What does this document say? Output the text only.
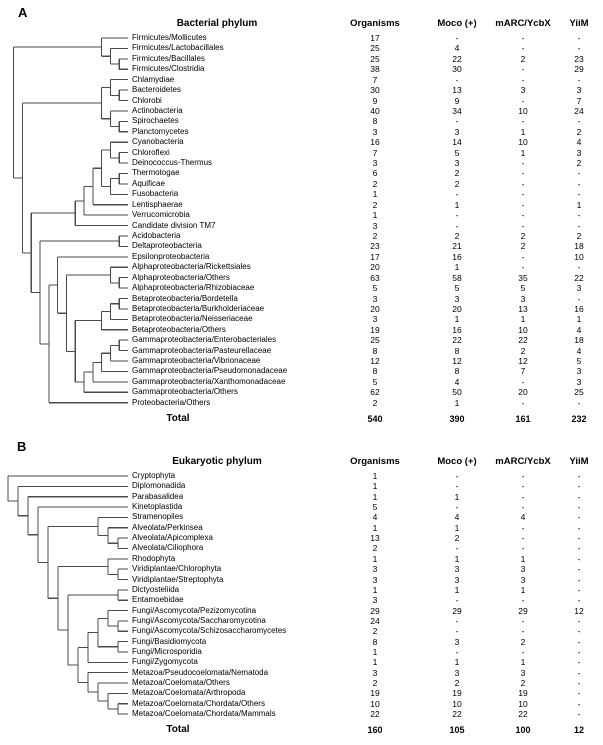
A
Bacterial phylum	Organisms	Moco (+)	mARC/YcbX	YiiM
Firmicutes/Mollicutes	17	-	-	-
Firmicutes/Lactobacillales	25	4	-	-
Firmicutes/Bacillales	25	22	2	23
Firmicutes/Clostridia	38	30	-	29
Chlamydiae	7	-	-	-
Bacteroidetes	30	13	3	3
Chlorobi	9	9	-	7
Actinobacteria	40	34	10	24
Spirochaetes	8	-	-	-
Planctomycetes	3	3	1	2
Cyanobacteria	16	14	10	4
Chloroflexi	7	5	1	3
Deinococcus-Thermus	3	3	-	2
Thermotogae	6	2	-	-
Aquificae	2	2	-	-
Fusobacteria	1	-	-	-
Lentisphaerae	2	1	-	1
Verrucomicrobia	1	-	-	-
Candidate division TM7	3	-	-	-
Acidobacteria	2	2	2	2
Deltaproteobacteria	23	21	2	18
Epsilonproteobacteria	17	16	-	10
Alphaproteobacteria/Rickettsiales	20	1	-	-
Alphaproteobacteria/Others	63	58	35	22
Alphaproteobacteria/Rhizobiaceae	5	5	5	3
Betaproteobacteria/Bordetella	3	3	3	-
Betaproteobacteria/Burkholderiaceae	20	20	13	16
Betaproteobacteria/Neisseriaceae	3	1	1	1
Betaproteobacteria/Others	19	16	10	4
Gammaproteobacteria/Enterobacteriales	25	22	22	18
Gammaproteobacteria/Pasteurellaceae	8	8	2	4
Gammaproteobacteria/Vibrionaceae	12	12	12	5
Gammaproteobacteria/Pseudomonadaceae	8	8	7	3
Gammaproteobacteria/Xanthomonadaceae	5	4	-	3
Gammaproteobacteria/Others	62	50	20	25
Proteobacteria/Others	2	1	-	-
Total	540	390	161	232
B
Eukaryotic phylum	Organisms	Moco (+)	mARC/YcbX	YiiM
Cryptophyta	1	-	-	-
Diplomonadida	1	-	-	-
Parabasalidea	1	1	-	-
Kinetoplastida	5	-	-	-
Stramenopiles	4	4	4	-
Alveolata/Perkinsea	1	1	-	-
Alveolata/Apicomplexa	13	2	-	-
Alveolata/Ciliophora	2	-	-	-
Rhodophyta	1	1	1	-
Viridiplantae/Chlorophyta	3	3	3	-
Viridiplantae/Streptophyta	3	3	3	-
Dictyosteliida	1	1	1	-
Entamoebidae	3	-	-	-
Fungi/Ascomycota/Pezizomycotina	29	29	29	12
Fungi/Ascomycota/Saccharomycotina	24	-	-	-
Fungi/Ascomycota/Schizosaccharomycetes	2	-	-	-
Fungi/Basidiomycota	8	3	2	-
Fungi/Microsporidia	1	-	-	-
Fungi/Zygomycota	1	1	1	-
Metazoa/Pseudocoelomata/Nematoda	3	3	3	-
Metazoa/Coelomata/Others	2	2	2	-
Metazoa/Coelomata/Arthropoda	19	19	19	-
Metazoa/Coelomata/Chordata/Others	10	10	10	-
Metazoa/Coelomata/Chordata/Mammals	22	22	22	-
Total	160	105	100	12
